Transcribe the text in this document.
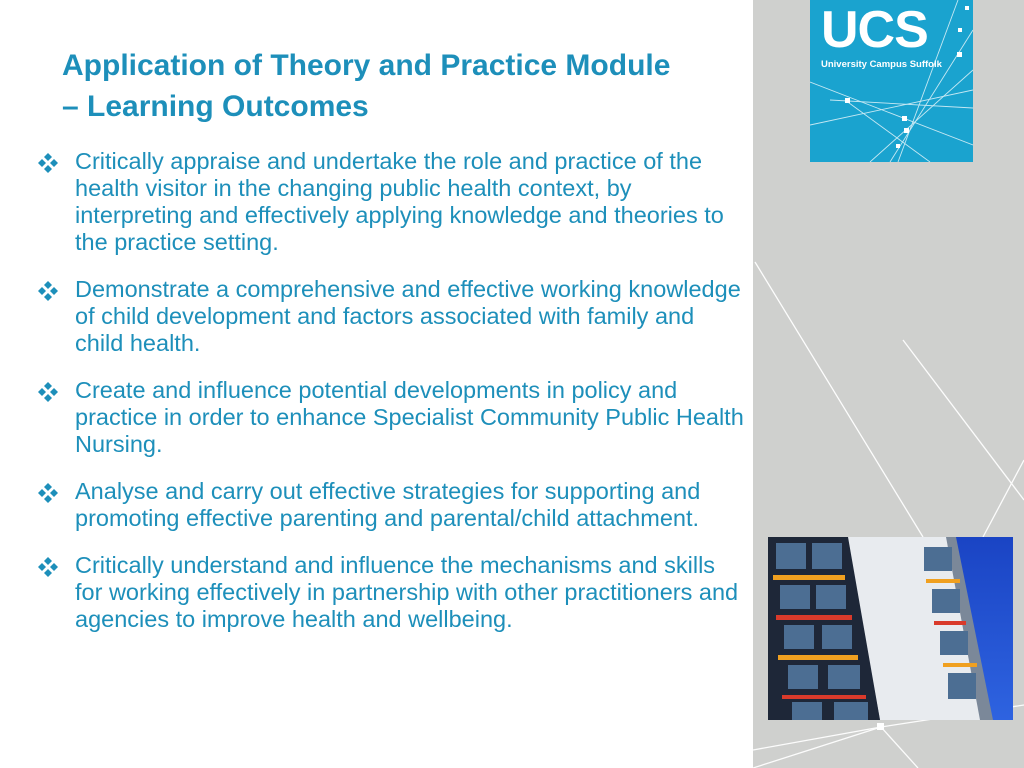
UCS
University Campus Suffolk
Application of Theory and Practice Module
– Learning Outcomes
Critically appraise and undertake the role and practice of the health visitor in the changing public health context, by interpreting and effectively applying knowledge and theories to the practice setting.
Demonstrate a comprehensive and effective working knowledge of child development and factors associated with family and child health.
Create and influence potential developments in policy and practice in order to enhance Specialist Community Public Health Nursing.
Analyse and carry out effective strategies for supporting and promoting effective parenting and parental/child attachment.
Critically understand and influence the mechanisms and skills for working effectively in partnership with other practitioners and agencies to improve health and wellbeing.
